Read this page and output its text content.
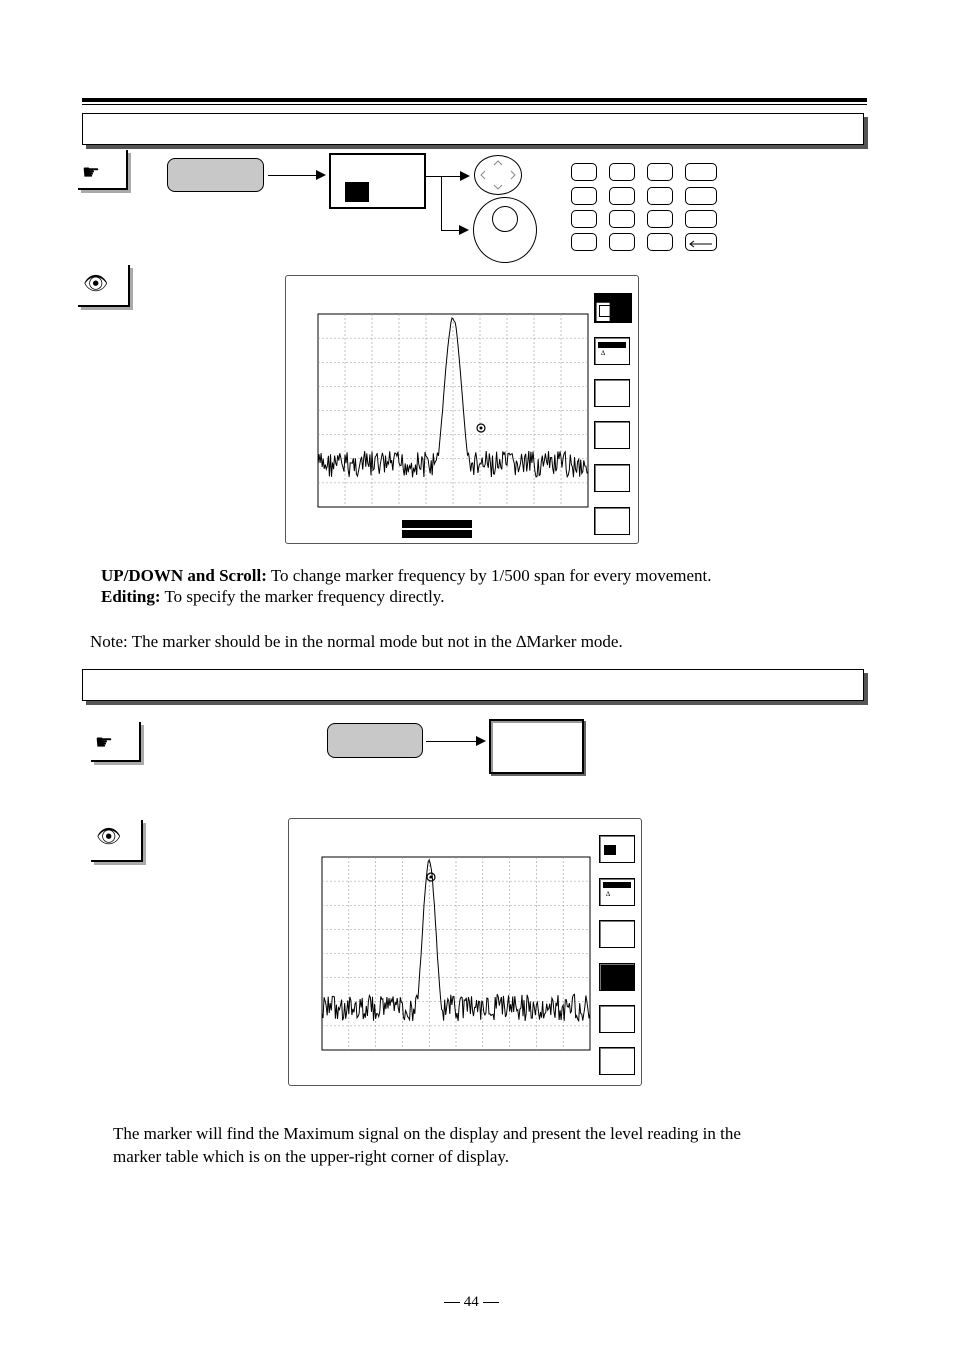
☛
👁
∆
UP/DOWN and Scroll: To change marker frequency by 1/500 span for every movement.
Editing: To specify the marker frequency directly.
Note: The marker should be in the normal mode but not in the ∆Marker mode.
☛
👁
∆
The marker will find the Maximum signal on the display and present the level reading in the
marker table which is on the upper-right corner of display.
44
